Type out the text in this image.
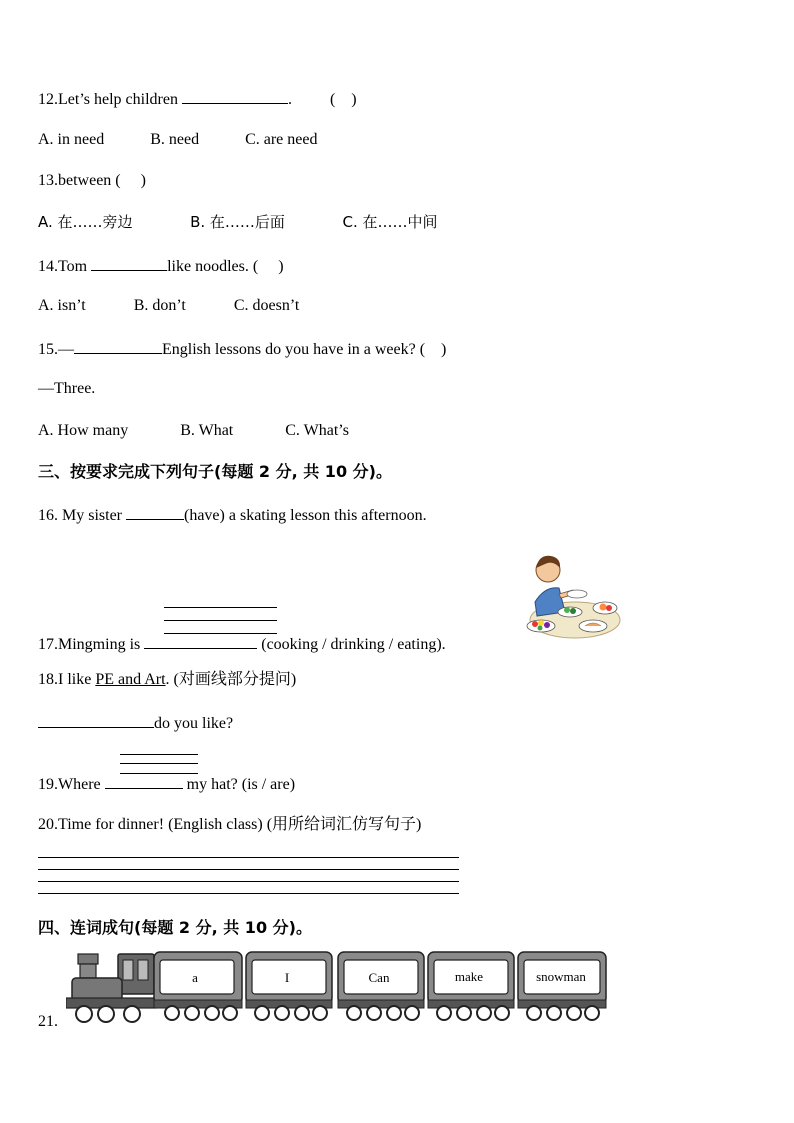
12.Let’s help children	. (    )
A. in need	B. need	C. are need
13.between (     )
A. 在……旁边	B. 在……后面	C. 在……中间
14.Tom	like noodles. (     )
A. isn’t	B. don’t	C. doesn’t
15.—	English lessons do you have in a week? (    )
—Three.
A. How many	B. What	C. What’s
三、按要求完成下列句子(每题 2 分, 共 10 分)。
16. My sister	(have) a skating lesson this afternoon.
17.Mingming is	(cooking / drinking / eating).
18.I like PE and Art. (对画线部分提问)
do you like?
19.Where	my hat? (is / are)
20.Time for dinner! (English class) (用所给词汇仿写句子)
四、连词成句(每题 2 分, 共 10 分)。
21.
a	I	Can	make	snowman
